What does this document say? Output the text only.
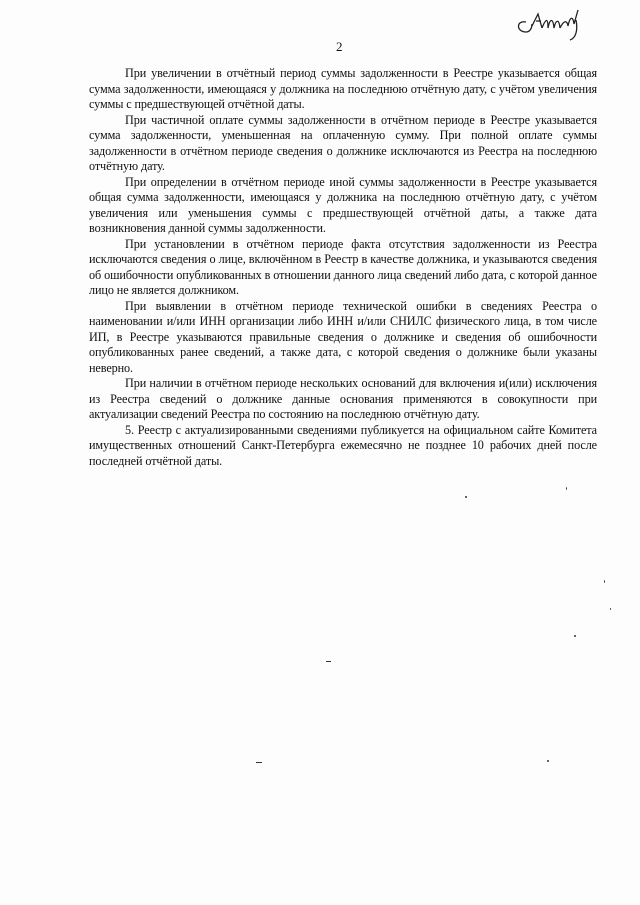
2

При увеличении в отчётный период суммы задолженности в Реестре указывается общая сумма задолженности, имеющаяся у должника на последнюю отчётную дату, с учётом увеличения суммы с предшествующей отчётной даты.

При частичной оплате суммы задолженности в отчётном периоде в Реестре указывается сумма задолженности, уменьшенная на оплаченную сумму. При полной оплате суммы задолженности в отчётном периоде сведения о должнике исключаются из Реестра на последнюю отчётную дату.

При определении в отчётном периоде иной суммы задолженности в Реестре указывается общая сумма задолженности, имеющаяся у должника на последнюю отчётную дату, с учётом увеличения или уменьшения суммы с предшествующей отчётной даты, а также дата возникновения данной суммы задолженности.

При установлении в отчётном периоде факта отсутствия задолженности из Реестра исключаются сведения о лице, включённом в Реестр в качестве должника, и указываются сведения об ошибочности опубликованных в отношении данного лица сведений либо дата, с которой данное лицо не является должником.

При выявлении в отчётном периоде технической ошибки в сведениях Реестра о наименовании и/или ИНН организации либо ИНН и/или СНИЛС физического лица, в том числе ИП, в Реестре указываются правильные сведения о должнике и сведения об ошибочности опубликованных ранее сведений, а также дата, с которой сведения о должнике были указаны неверно.

При наличии в отчётном периоде нескольких оснований для включения и(или) исключения из Реестра сведений о должнике данные основания применяются в совокупности при актуализации сведений Реестра по состоянию на последнюю отчётную дату.

5. Реестр с актуализированными сведениями публикуется на официальном сайте Комитета имущественных отношений Санкт-Петербурга ежемесячно не позднее 10 рабочих дней после последней отчётной даты.
